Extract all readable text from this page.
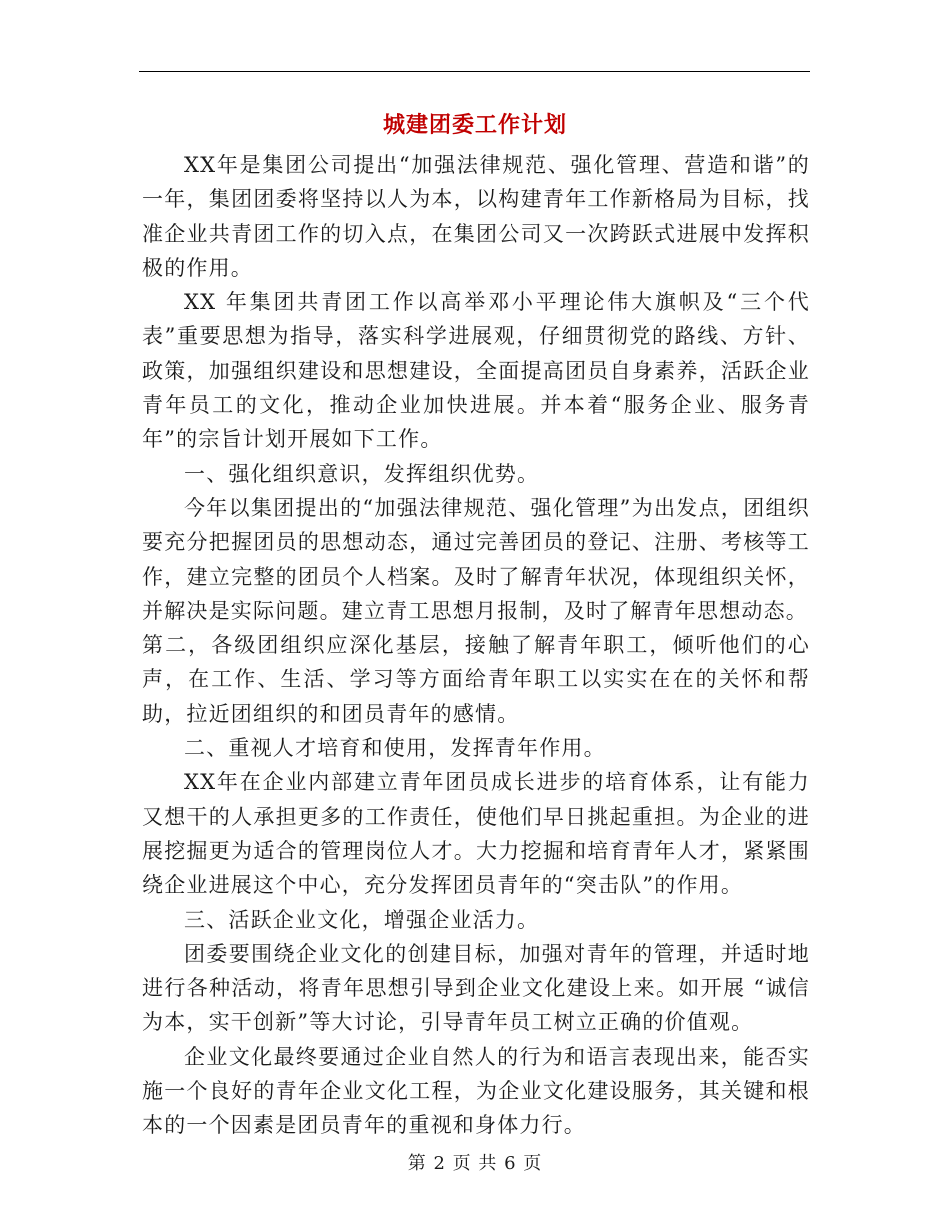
城建团委工作计划

XX年是集团公司提出“加强法律规范、强化管理、营造和谐”的一年，集团团委将坚持以人为本，以构建青年工作新格局为目标，找准企业共青团工作的切入点，在集团公司又一次跨跃式进展中发挥积极的作用。

XX 年集团共青团工作以高举邓小平理论伟大旗帜及“三个代表”重要思想为指导，落实科学进展观，仔细贯彻党的路线、方针、政策，加强组织建设和思想建设，全面提高团员自身素养，活跃企业青年员工的文化，推动企业加快进展。并本着“服务企业、服务青年”的宗旨计划开展如下工作。

一、强化组织意识，发挥组织优势。

今年以集团提出的“加强法律规范、强化管理”为出发点，团组织要充分把握团员的思想动态，通过完善团员的登记、注册、考核等工作，建立完整的团员个人档案。及时了解青年状况，体现组织关怀，并解决是实际问题。建立青工思想月报制，及时了解青年思想动态。

第二，各级团组织应深化基层，接触了解青年职工，倾听他们的心声，在工作、生活、学习等方面给青年职工以实实在在的关怀和帮助，拉近团组织的和团员青年的感情。

二、重视人才培育和使用，发挥青年作用。

XX年在企业内部建立青年团员成长进步的培育体系，让有能力又想干的人承担更多的工作责任，使他们早日挑起重担。为企业的进展挖掘更为适合的管理岗位人才。大力挖掘和培育青年人才，紧紧围绕企业进展这个中心，充分发挥团员青年的“突击队”的作用。

三、活跃企业文化，增强企业活力。

团委要围绕企业文化的创建目标，加强对青年的管理，并适时地进行各种活动，将青年思想引导到企业文化建设上来。如开展 “诚信为本，实干创新”等大讨论，引导青年员工树立正确的价值观。

企业文化最终要通过企业自然人的行为和语言表现出来，能否实施一个良好的青年企业文化工程，为企业文化建设服务，其关键和根本的一个因素是团员青年的重视和身体力行。

第 2 页 共 6 页
